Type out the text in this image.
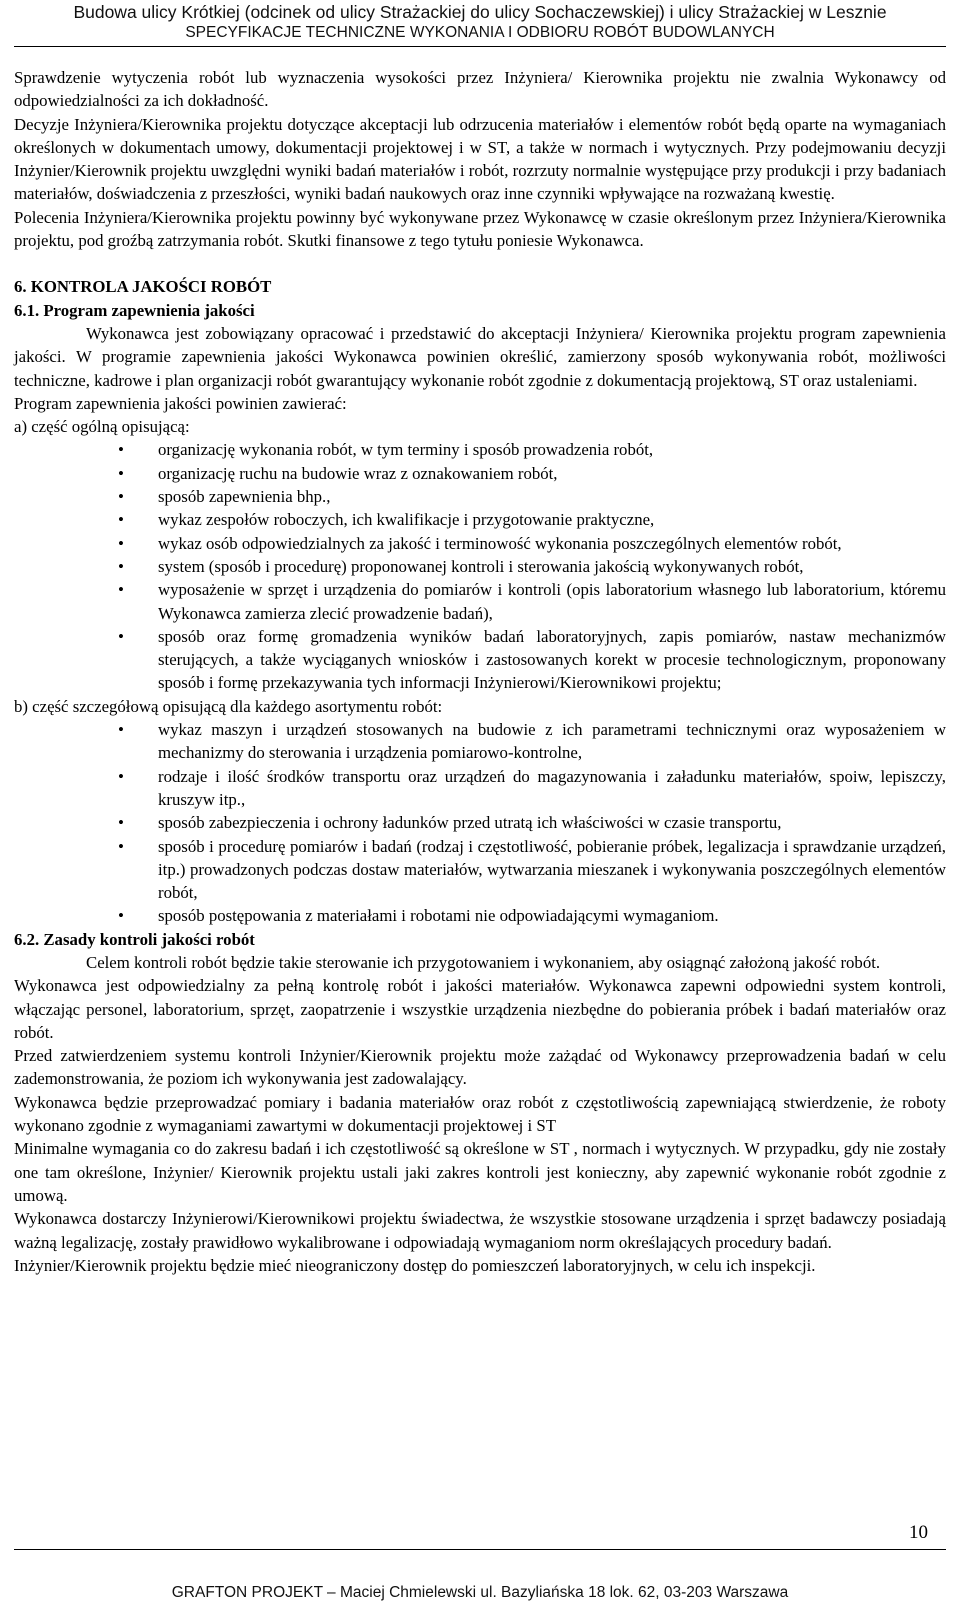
Budowa ulicy Krótkiej (odcinek od ulicy Strażackiej do ulicy Sochaczewskiej) i ulicy Strażackiej w Lesznie
SPECYFIKACJE TECHNICZNE WYKONANIA I ODBIORU ROBÓT BUDOWLANYCH

Sprawdzenie wytyczenia robót lub wyznaczenia wysokości przez Inżyniera/ Kierownika projektu nie zwalnia Wykonawcy od odpowiedzialności za ich dokładność.

Decyzje Inżyniera/Kierownika projektu dotyczące akceptacji lub odrzucenia materiałów i elementów robót będą oparte na wymaganiach określonych w dokumentach umowy, dokumentacji projektowej i w ST, a także w normach i wytycznych. Przy podejmowaniu decyzji Inżynier/Kierownik projektu uwzględni wyniki badań materiałów i robót, rozrzuty normalnie występujące przy produkcji i przy badaniach materiałów, doświadczenia z przeszłości, wyniki badań naukowych oraz inne czynniki wpływające na rozważaną kwestię.

Polecenia Inżyniera/Kierownika projektu powinny być wykonywane przez Wykonawcę w czasie określonym przez Inżyniera/Kierownika projektu, pod groźbą zatrzymania robót. Skutki finansowe z tego tytułu poniesie Wykonawca.

6. KONTROLA JAKOŚCI ROBÓT

6.1. Program zapewnienia jakości

Wykonawca jest zobowiązany opracować i przedstawić do akceptacji Inżyniera/ Kierownika projektu program zapewnienia jakości. W programie zapewnienia jakości Wykonawca powinien określić, zamierzony sposób wykonywania robót, możliwości techniczne, kadrowe i plan organizacji robót gwarantujący wykonanie robót zgodnie z dokumentacją projektową, ST oraz ustaleniami.

Program zapewnienia jakości powinien zawierać:

a) część ogólną opisującą:

• organizację wykonania robót, w tym terminy i sposób prowadzenia robót,
• organizację ruchu na budowie wraz z oznakowaniem robót,
• sposób zapewnienia bhp.,
• wykaz zespołów roboczych, ich kwalifikacje i przygotowanie praktyczne,
• wykaz osób odpowiedzialnych za jakość i terminowość wykonania poszczególnych elementów robót,
• system (sposób i procedurę) proponowanej kontroli i sterowania jakością wykonywanych robót,
• wyposażenie w sprzęt i urządzenia do pomiarów i kontroli (opis laboratorium własnego lub laboratorium, któremu Wykonawca zamierza zlecić prowadzenie badań),
• sposób oraz formę gromadzenia wyników badań laboratoryjnych, zapis pomiarów, nastaw mechanizmów sterujących, a także wyciąganych wniosków i zastosowanych korekt w procesie technologicznym, proponowany sposób i formę przekazywania tych informacji Inżynierowi/Kierownikowi projektu;

b) część szczegółową opisującą dla każdego asortymentu robót:

• wykaz maszyn i urządzeń stosowanych na budowie z ich parametrami technicznymi oraz wyposażeniem w mechanizmy do sterowania i urządzenia pomiarowo-kontrolne,
• rodzaje i ilość środków transportu oraz urządzeń do magazynowania i załadunku materiałów, spoiw, lepiszczy, kruszyw itp.,
• sposób zabezpieczenia i ochrony ładunków przed utratą ich właściwości w czasie transportu,
• sposób i procedurę pomiarów i badań (rodzaj i częstotliwość, pobieranie próbek, legalizacja i sprawdzanie urządzeń, itp.) prowadzonych podczas dostaw materiałów, wytwarzania mieszanek i wykonywania poszczególnych elementów robót,
• sposób postępowania z materiałami i robotami nie odpowiadającymi wymaganiom.

6.2. Zasady kontroli jakości robót

Celem kontroli robót będzie takie sterowanie ich przygotowaniem i wykonaniem, aby osiągnąć założoną jakość robót.

Wykonawca jest odpowiedzialny za pełną kontrolę robót i jakości materiałów. Wykonawca zapewni odpowiedni system kontroli, włączając personel, laboratorium, sprzęt, zaopatrzenie i wszystkie urządzenia niezbędne do pobierania próbek i badań materiałów oraz robót.

Przed zatwierdzeniem systemu kontroli Inżynier/Kierownik projektu może zażądać od Wykonawcy przeprowadzenia badań w celu zademonstrowania, że poziom ich wykonywania jest zadowalający.

Wykonawca będzie przeprowadzać pomiary i badania materiałów oraz robót z częstotliwością zapewniającą stwierdzenie, że roboty wykonano zgodnie z wymaganiami zawartymi w dokumentacji projektowej i ST

Minimalne wymagania co do zakresu badań i ich częstotliwość są określone w ST , normach i wytycznych. W przypadku, gdy nie zostały one tam określone, Inżynier/ Kierownik projektu ustali jaki zakres kontroli jest konieczny, aby zapewnić wykonanie robót zgodnie z umową.

Wykonawca dostarczy Inżynierowi/Kierownikowi projektu świadectwa, że wszystkie stosowane urządzenia i sprzęt badawczy posiadają ważną legalizację, zostały prawidłowo wykalibrowane i odpowiadają wymaganiom norm określających procedury badań.

Inżynier/Kierownik projektu będzie mieć nieograniczony dostęp do pomieszczeń laboratoryjnych, w celu ich inspekcji.

10
GRAFTON PROJEKT – Maciej Chmielewski ul. Bazyliańska 18 lok. 62, 03-203 Warszawa
